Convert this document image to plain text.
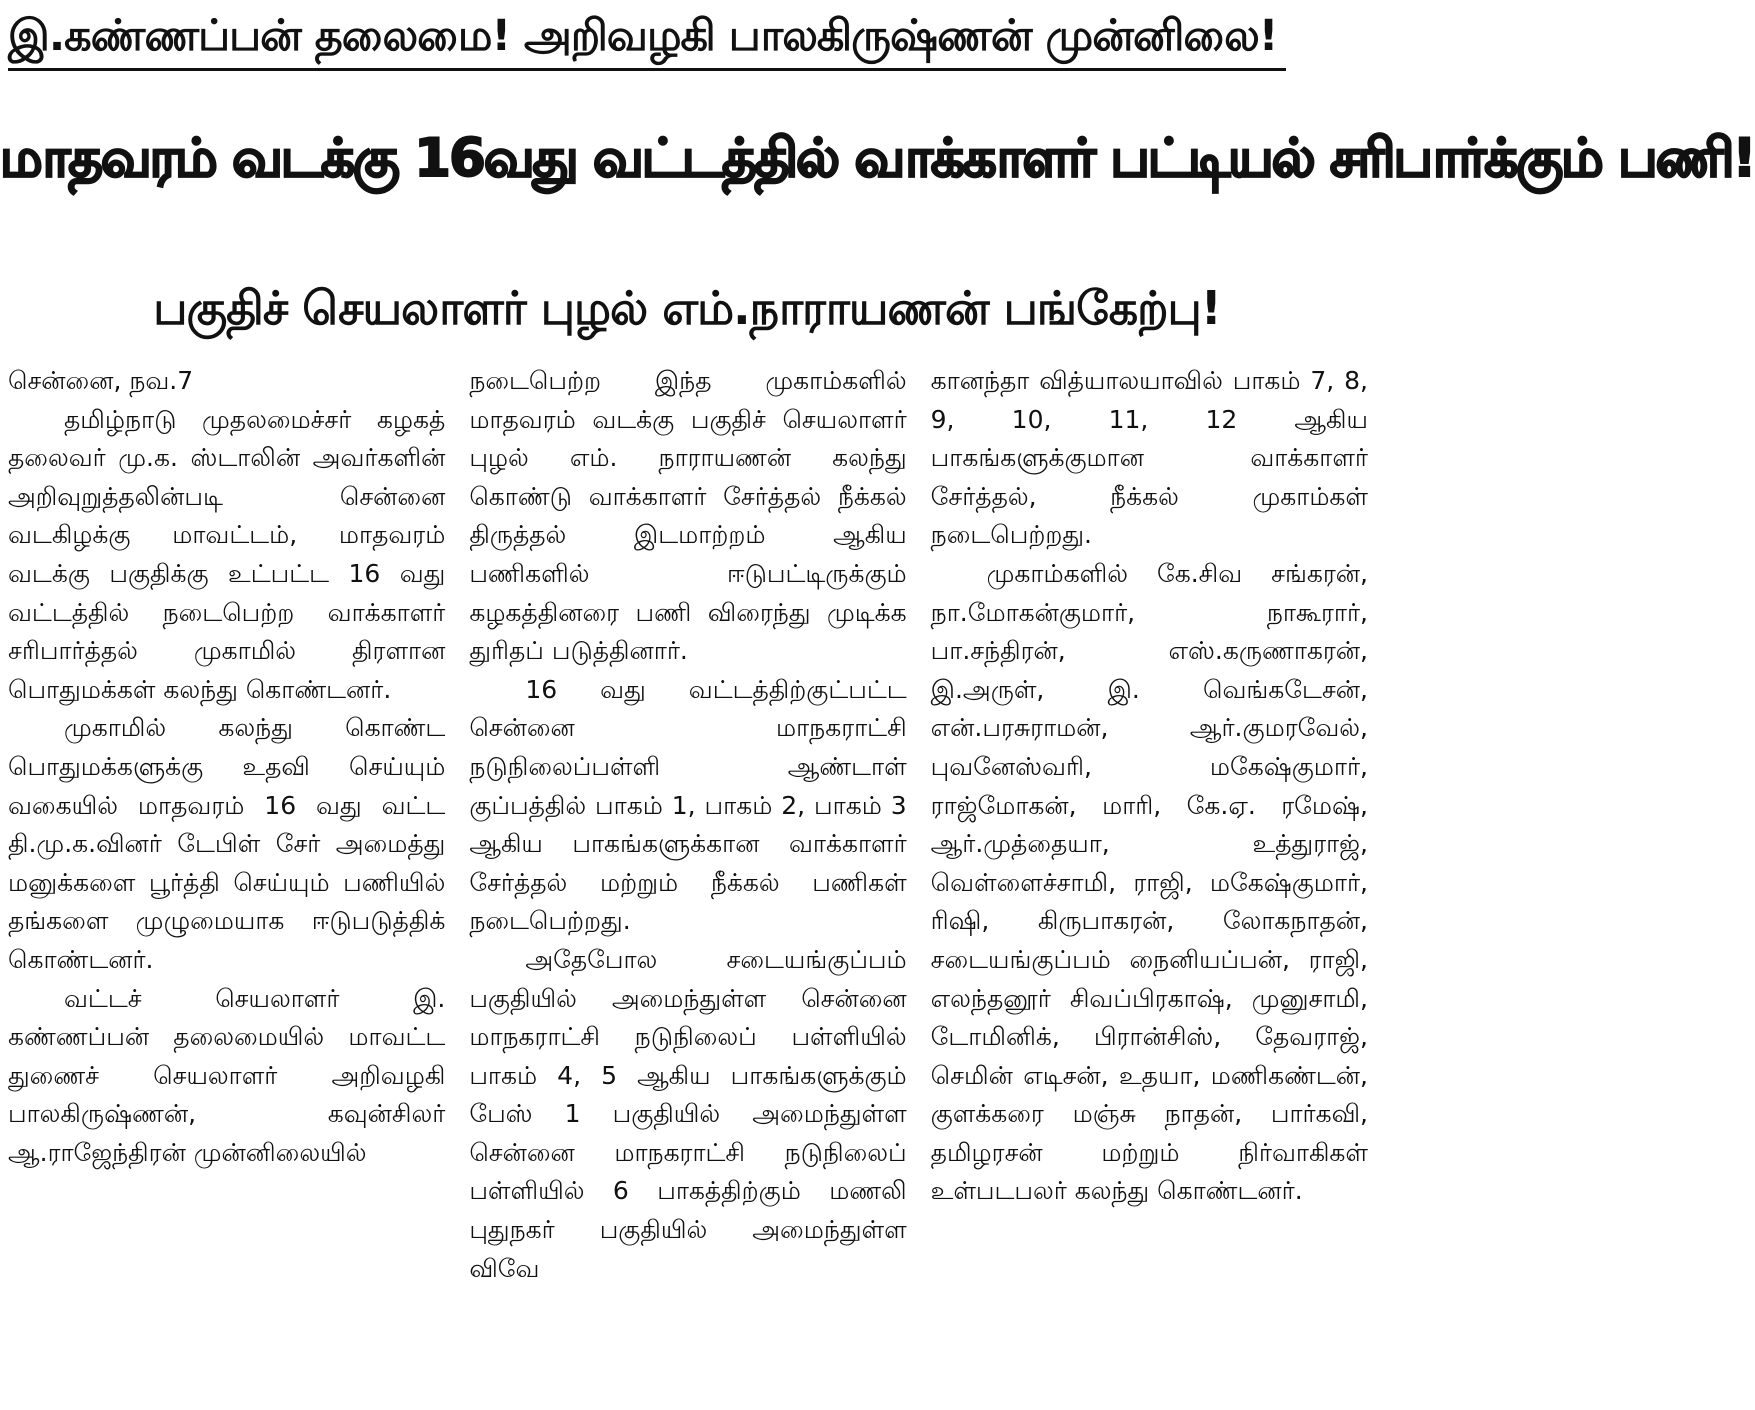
இ.கண்ணப்பன் தலைமை! அறிவழகி பாலகிருஷ்ணன் முன்னிலை!
மாதவரம் வடக்கு 16வது வட்டத்தில் வாக்காளர் பட்டியல் சரிபார்க்கும் பணி!
பகுதிச் செயலாளர் புழல் எம்.நாராயணன் பங்கேற்பு!

சென்னை, நவ.7

தமிழ்நாடு முதலமைச்சர் கழகத் தலைவர் மு.க. ஸ்டாலின் அவர்களின் அறிவுறுத்தலின்படி சென்னை வடகிழக்கு மாவட்டம், மாதவரம் வடக்கு பகுதிக்கு உட்பட்ட 16 வது வட்டத்தில் நடைபெற்ற வாக்காளர் சரிபார்த்தல் முகாமில் திரளான பொதுமக்கள் கலந்து கொண்டனர்.

முகாமில் கலந்து கொண்ட பொதுமக்களுக்கு உதவி செய்யும் வகையில் மாதவரம் 16 வது வட்ட தி.மு.க.வினர் டேபிள் சேர் அமைத்து மனுக்களை பூர்த்தி செய்யும் பணியில் தங்களை முழுமையாக ஈடுபடுத்திக் கொண்டனர்.

வட்டச் செயலாளர் இ. கண்ணப்பன் தலைமையில் மாவட்ட துணைச் செயலாளர் அறிவழகி பாலகிருஷ்ணன், கவுன்சிலர் ஆ.ராஜேந்திரன் முன்னிலையில்

நடைபெற்ற இந்த முகாம்களில் மாதவரம் வடக்கு பகுதிச் செயலாளர் புழல் எம். நாராயணன் கலந்து கொண்டு வாக்காளர் சேர்த்தல் நீக்கல் திருத்தல் இடமாற்றம் ஆகிய பணிகளில் ஈடுபட்டிருக்கும் கழகத்தினரை பணி விரைந்து முடிக்க துரிதப் படுத்தினார்.

16 வது வட்டத்திற்குட்பட்ட சென்னை மாநகராட்சி நடுநிலைப்பள்ளி ஆண்டாள் குப்பத்தில் பாகம் 1, பாகம் 2, பாகம் 3 ஆகிய பாகங்களுக்கான வாக்காளர் சேர்த்தல் மற்றும் நீக்கல் பணிகள் நடைபெற்றது.

அதேபோல சடையங்குப்பம் பகுதியில் அமைந்துள்ள சென்னை மாநகராட்சி நடுநிலைப் பள்ளியில் பாகம் 4, 5 ஆகிய பாகங்களுக்கும் பேஸ் 1 பகுதியில் அமைந்துள்ள சென்னை மாநகராட்சி நடுநிலைப் பள்ளியில் 6 பாகத்திற்கும் மணலி புதுநகர் பகுதியில் அமைந்துள்ள விவே

கானந்தா வித்யாலயாவில் பாகம் 7, 8, 9, 10, 11, 12 ஆகிய பாகங்களுக்குமான வாக்காளர் சேர்த்தல், நீக்கல் முகாம்கள் நடைபெற்றது.

முகாம்களில் கே.சிவ சங்கரன், நா.மோகன்குமார், நாகூரார், பா.சந்திரன், எஸ்.கருணாகரன், இ.அருள், இ. வெங்கடேசன், என்.பரசுராமன், ஆர்.குமரவேல், புவனேஸ்வரி, மகேஷ்குமார், ராஜ்மோகன், மாரி, கே.ஏ. ரமேஷ், ஆர்.முத்தையா, உத்துராஜ், வெள்ளைச்சாமி, ராஜி, மகேஷ்குமார், ரிஷி, கிருபாகரன், லோகநாதன், சடையங்குப்பம் நைனியப்பன், ராஜி, எலந்தனூர் சிவப்பிரகாஷ், முனுசாமி, டோமினிக், பிரான்சிஸ், தேவராஜ், செமின் எடிசன், உதயா, மணிகண்டன், குளக்கரை மஞ்சு நாதன், பார்கவி, தமிழரசன் மற்றும் நிர்வாகிகள் உள்படபலர் கலந்து கொண்டனர்.
